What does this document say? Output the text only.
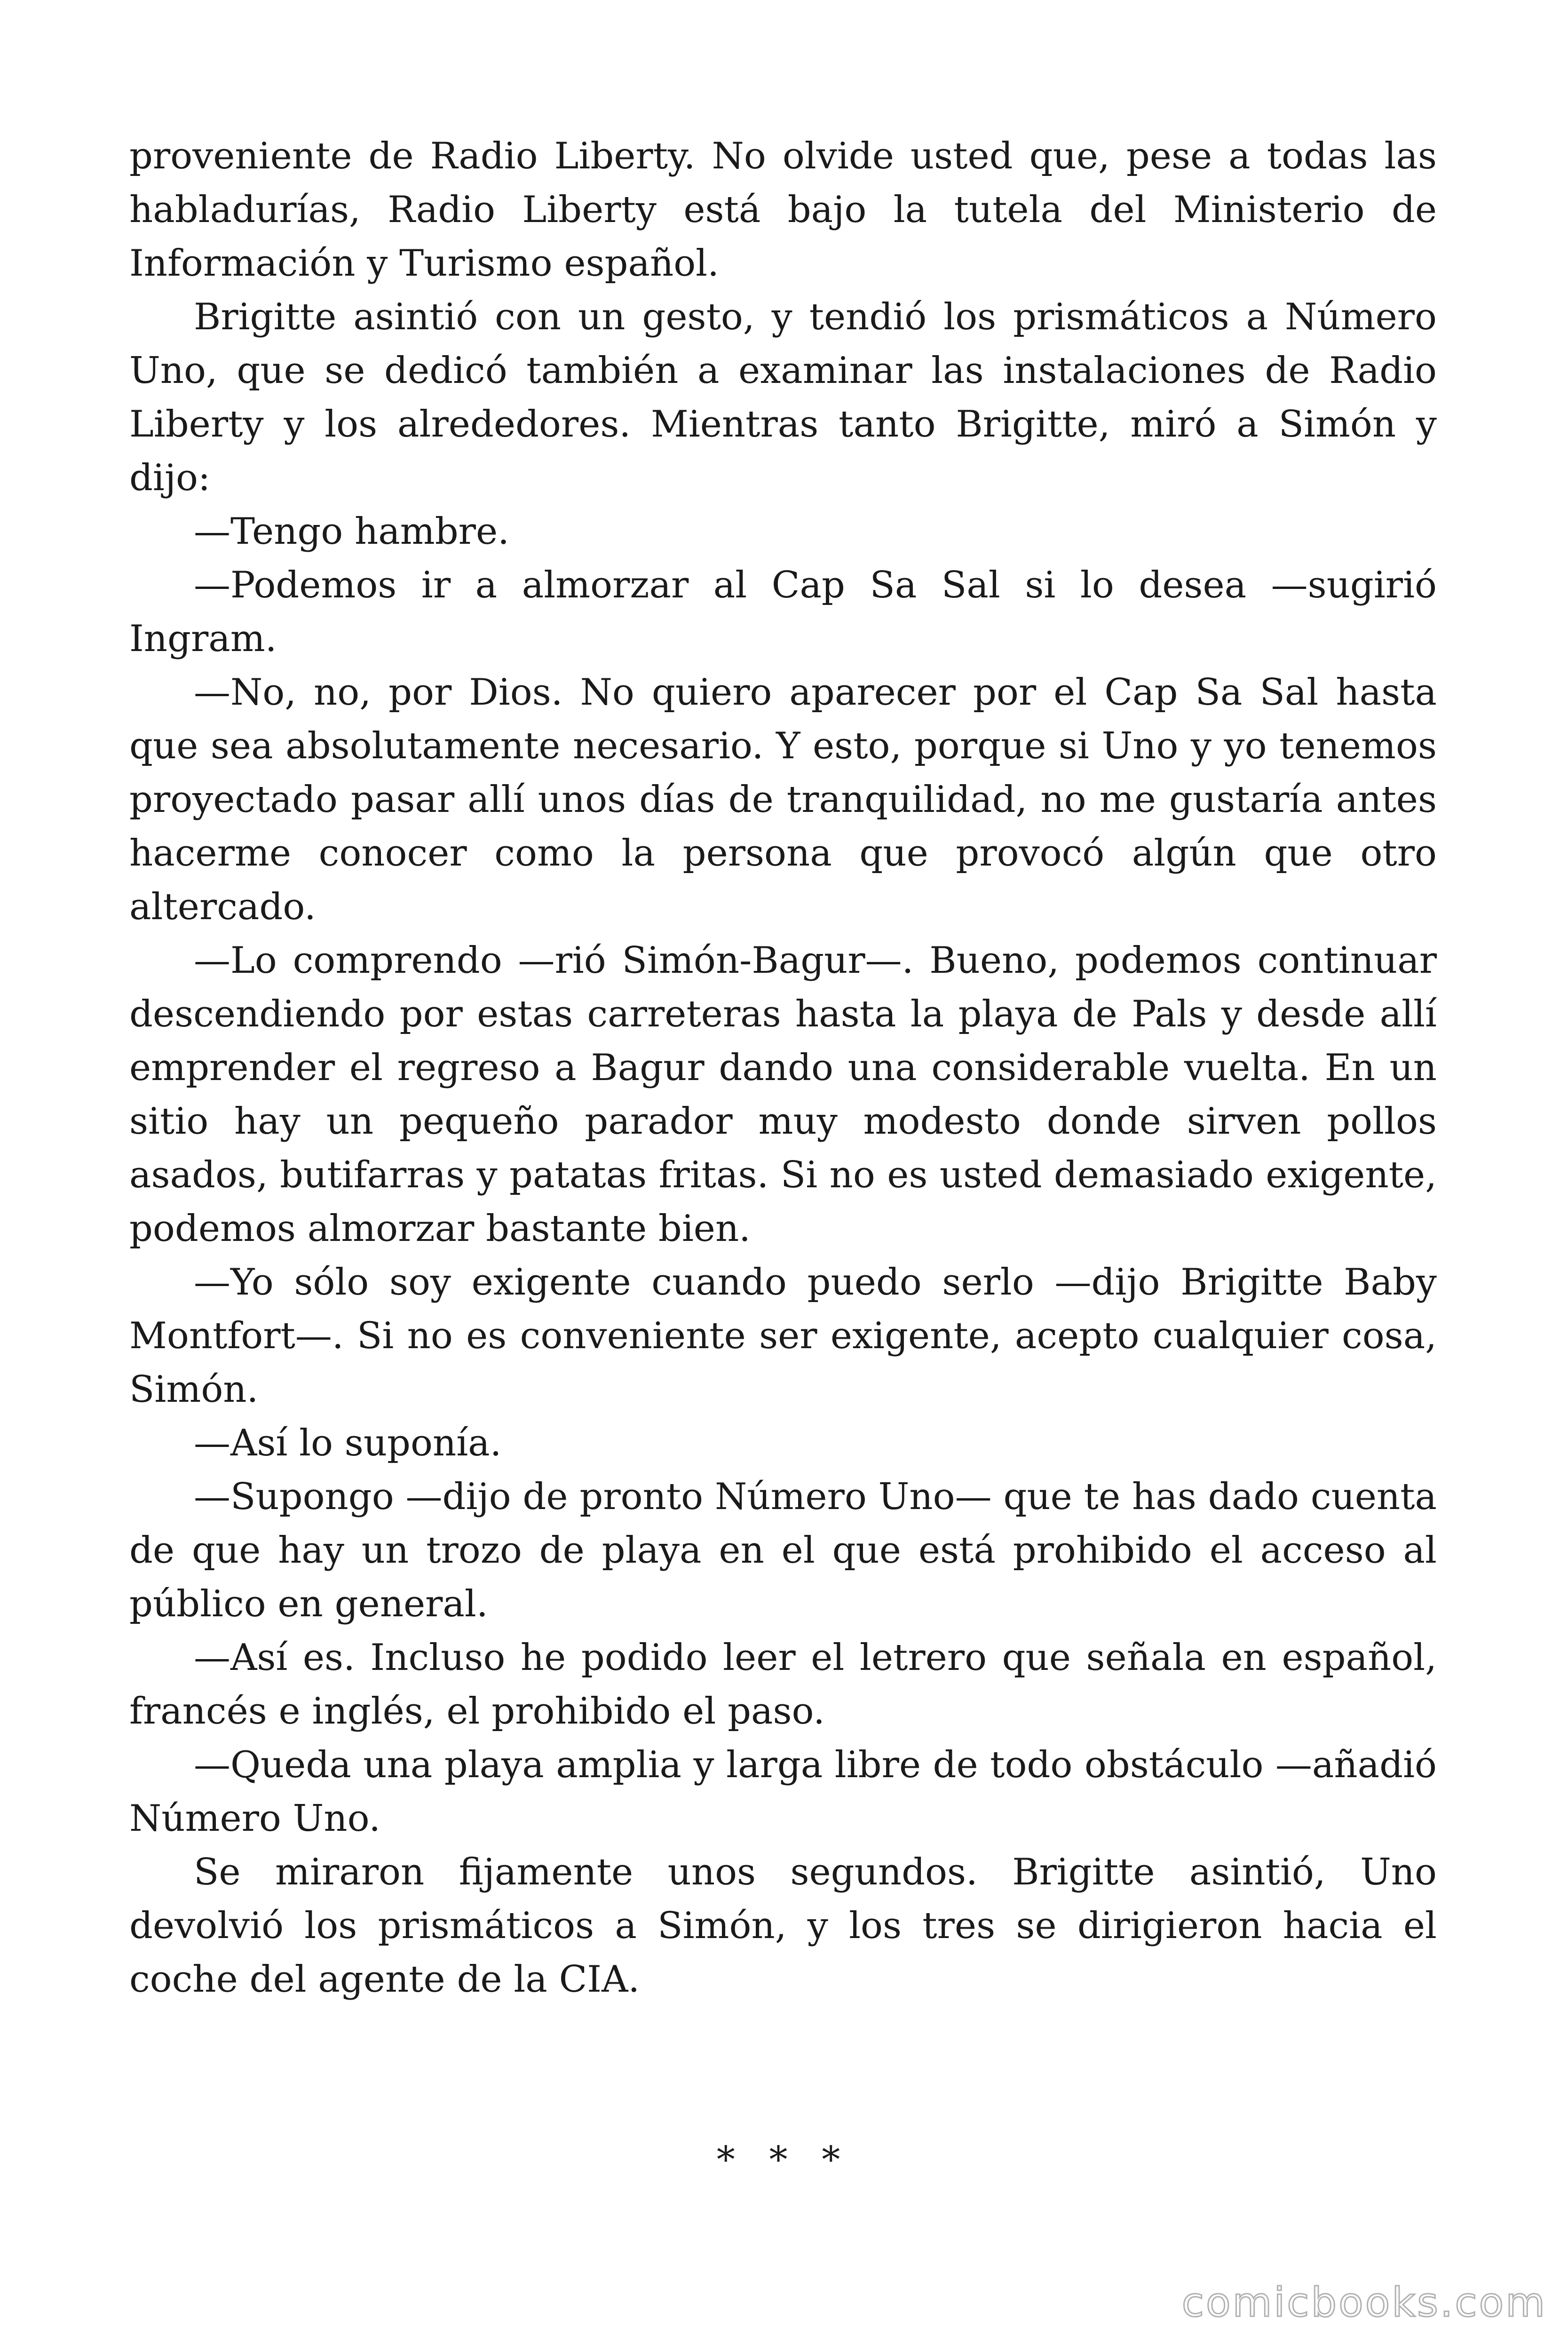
proveniente de Radio Liberty. No olvide usted que, pese a todas las habladurías, Radio Liberty está bajo la tutela del Ministerio de Información y Turismo español.

Brigitte asintió con un gesto, y tendió los prismáticos a Número Uno, que se dedicó también a examinar las instalaciones de Radio Liberty y los alrededores. Mientras tanto Brigitte, miró a Simón y dijo:

—Tengo hambre.

—Podemos ir a almorzar al Cap Sa Sal si lo desea —sugirió Ingram.

—No, no, por Dios. No quiero aparecer por el Cap Sa Sal hasta que sea absolutamente necesario. Y esto, porque si Uno y yo tenemos proyectado pasar allí unos días de tranquilidad, no me gustaría antes hacerme conocer como la persona que provocó algún que otro altercado.

—Lo comprendo —rió Simón-Bagur—. Bueno, podemos continuar descendiendo por estas carreteras hasta la playa de Pals y desde allí emprender el regreso a Bagur dando una considerable vuelta. En un sitio hay un pequeño parador muy modesto donde sirven pollos asados, butifarras y patatas fritas. Si no es usted demasiado exigente, podemos almorzar bastante bien.

—Yo sólo soy exigente cuando puedo serlo —dijo Brigitte Baby Montfort—. Si no es conveniente ser exigente, acepto cualquier cosa, Simón.

—Así lo suponía.

—Supongo —dijo de pronto Número Uno— que te has dado cuenta de que hay un trozo de playa en el que está prohibido el acceso al público en general.

—Así es. Incluso he podido leer el letrero que señala en español, francés e inglés, el prohibido el paso.

—Queda una playa amplia y larga libre de todo obstáculo —añadió Número Uno.

Se miraron fijamente unos segundos. Brigitte asintió, Uno devolvió los prismáticos a Simón, y los tres se dirigieron hacia el coche del agente de la CIA.

* * *
comicbooks.com
